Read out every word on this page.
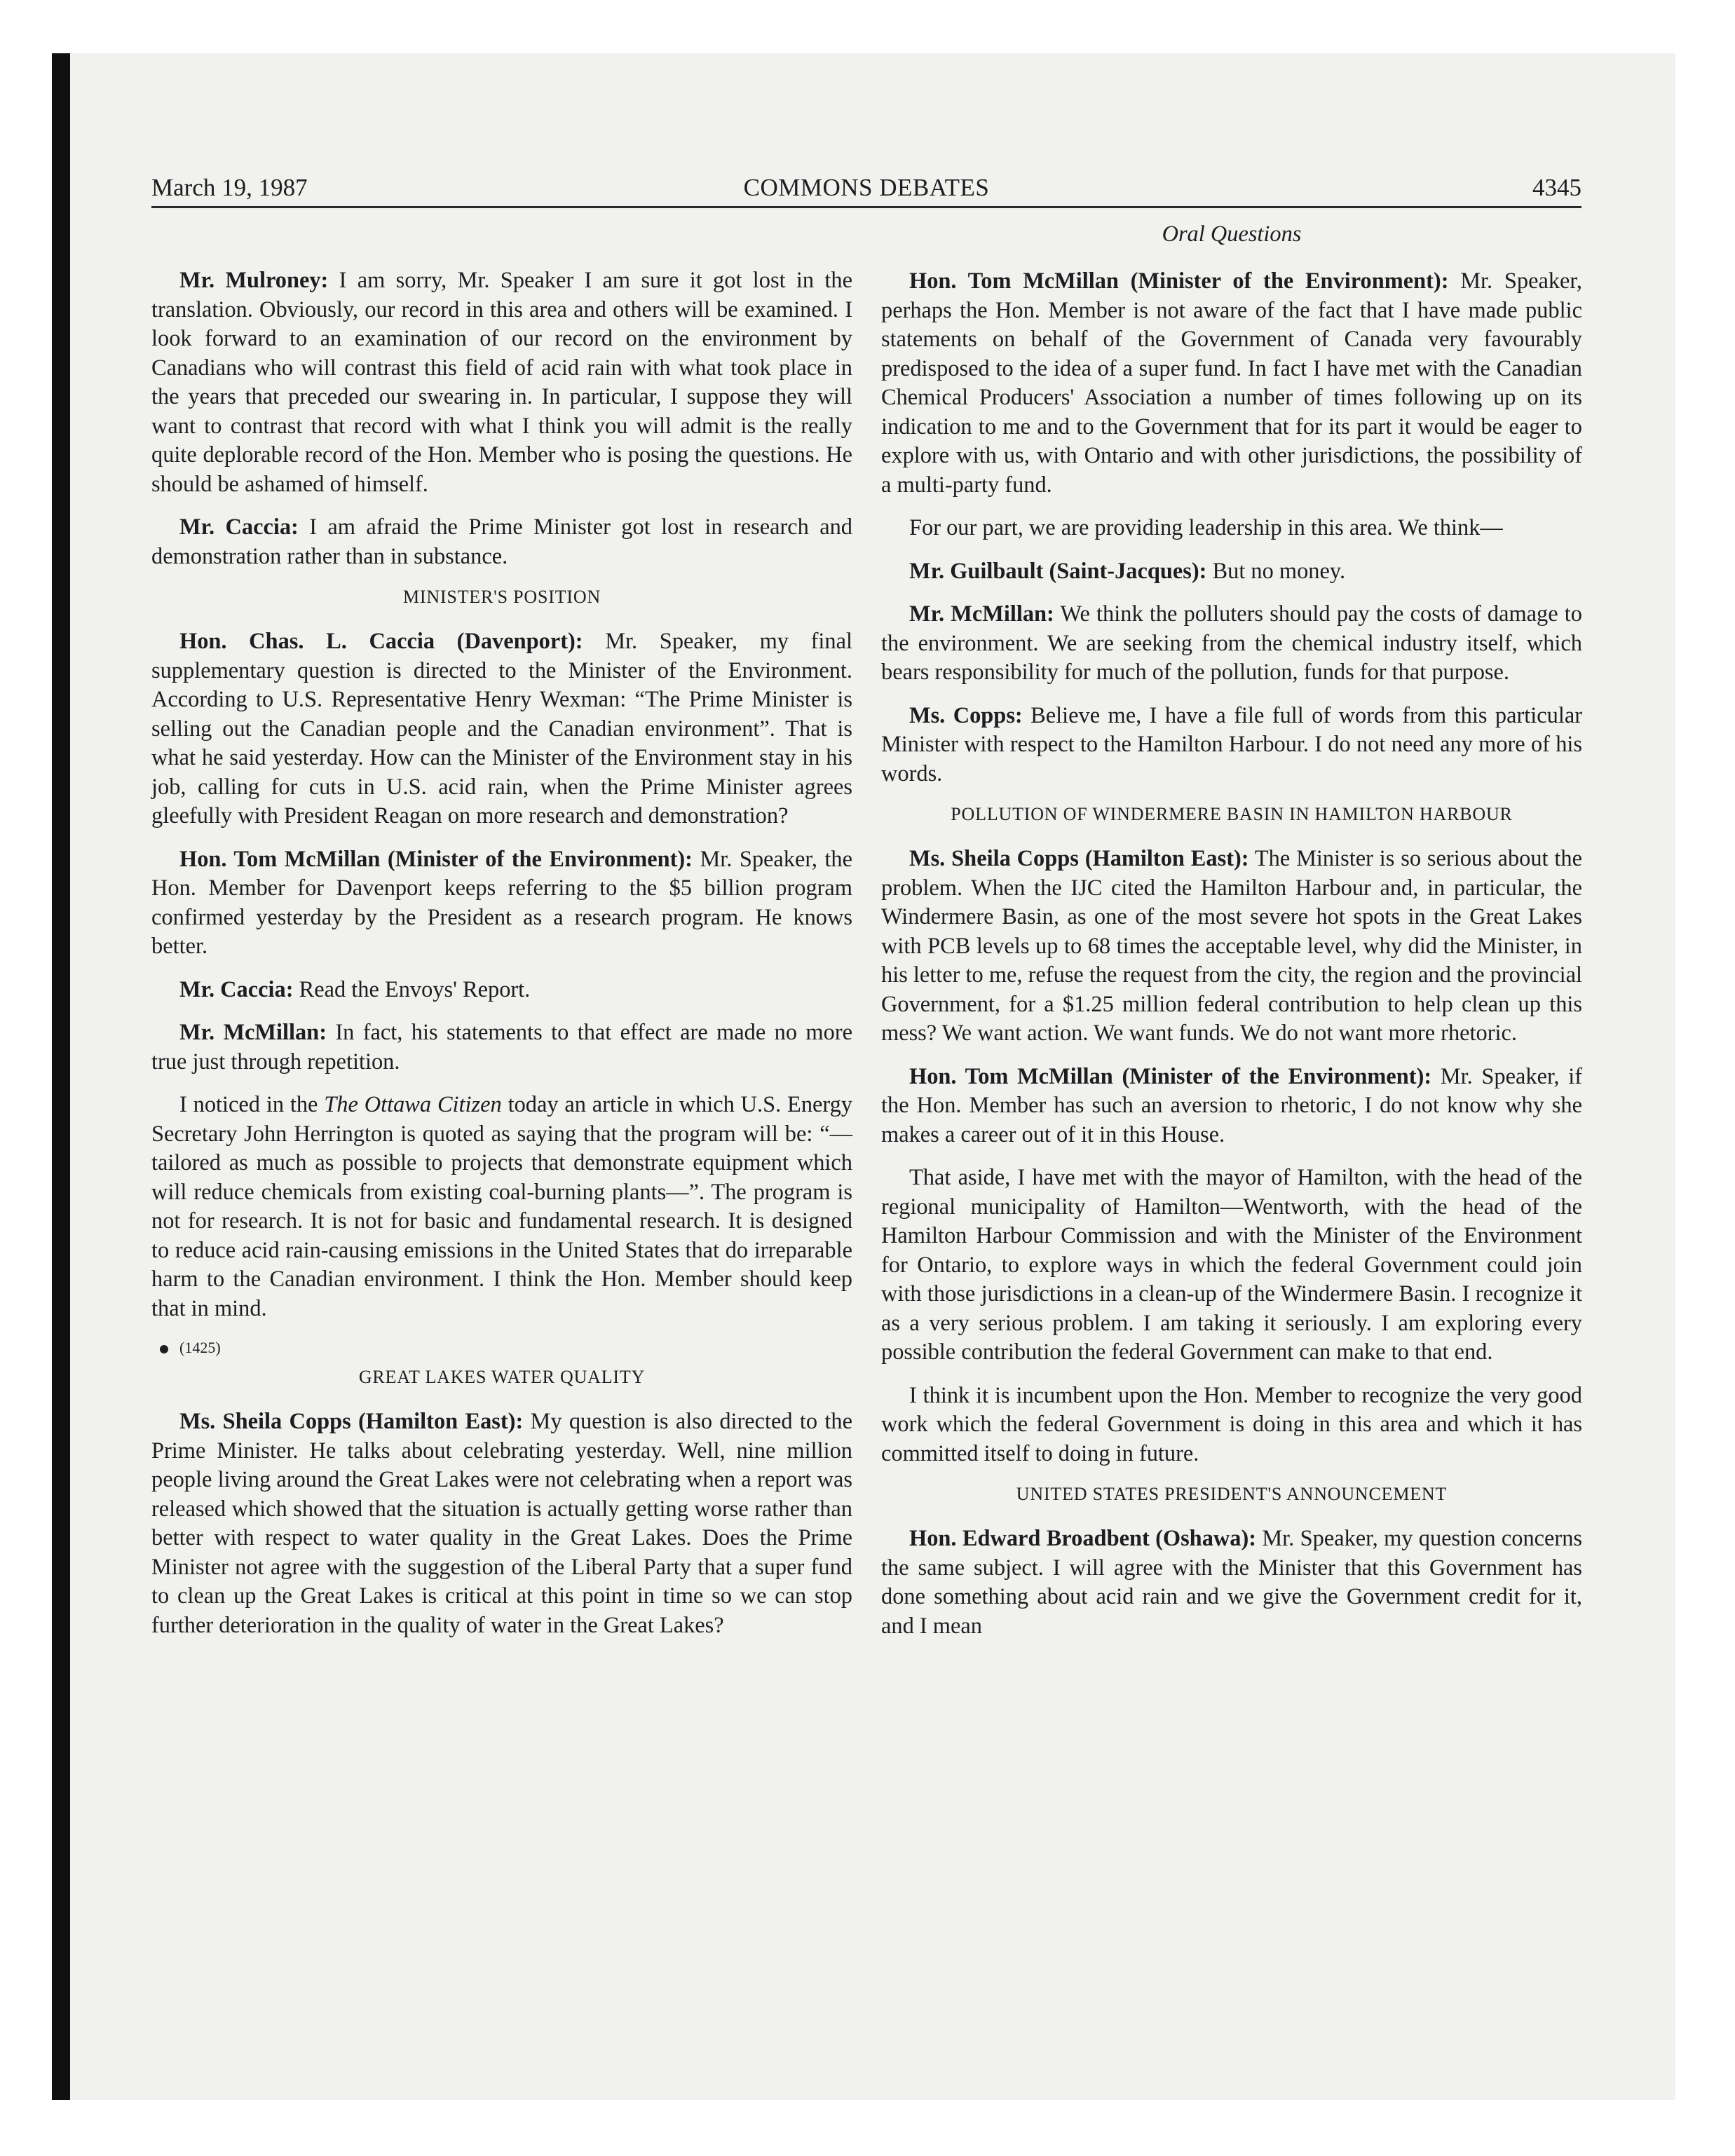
March 19, 1987	COMMONS DEBATES	4345

Mr. Mulroney: I am sorry, Mr. Speaker I am sure it got lost in the translation. Obviously, our record in this area and others will be examined. I look forward to an examination of our record on the environment by Canadians who will contrast this field of acid rain with what took place in the years that preceded our swearing in. In particular, I suppose they will want to contrast that record with what I think you will admit is the really quite deplorable record of the Hon. Member who is posing the questions. He should be ashamed of himself.

Mr. Caccia: I am afraid the Prime Minister got lost in research and demonstration rather than in substance.

MINISTER'S POSITION

Hon. Chas. L. Caccia (Davenport): Mr. Speaker, my final supplementary question is directed to the Minister of the Environment. According to U.S. Representative Henry Wexman: “The Prime Minister is selling out the Canadian people and the Canadian environment”. That is what he said yesterday. How can the Minister of the Environment stay in his job, calling for cuts in U.S. acid rain, when the Prime Minister agrees gleefully with President Reagan on more research and demonstration?

Hon. Tom McMillan (Minister of the Environment): Mr. Speaker, the Hon. Member for Davenport keeps referring to the $5 billion program confirmed yesterday by the President as a research program. He knows better.

Mr. Caccia: Read the Envoys' Report.

Mr. McMillan: In fact, his statements to that effect are made no more true just through repetition.

I noticed in the The Ottawa Citizen today an article in which U.S. Energy Secretary John Herrington is quoted as saying that the program will be: “—tailored as much as possible to projects that demonstrate equipment which will reduce chemicals from existing coal-burning plants—”. The program is not for research. It is not for basic and fundamental research. It is designed to reduce acid rain-causing emissions in the United States that do irreparable harm to the Canadian environment. I think the Hon. Member should keep that in mind.

(1425)
GREAT LAKES WATER QUALITY

Ms. Sheila Copps (Hamilton East): My question is also directed to the Prime Minister. He talks about celebrating yesterday. Well, nine million people living around the Great Lakes were not celebrating when a report was released which showed that the situation is actually getting worse rather than better with respect to water quality in the Great Lakes. Does the Prime Minister not agree with the suggestion of the Liberal Party that a super fund to clean up the Great Lakes is critical at this point in time so we can stop further deterioration in the quality of water in the Great Lakes?

Oral Questions

Hon. Tom McMillan (Minister of the Environment): Mr. Speaker, perhaps the Hon. Member is not aware of the fact that I have made public statements on behalf of the Government of Canada very favourably predisposed to the idea of a super fund. In fact I have met with the Canadian Chemical Producers' Association a number of times following up on its indication to me and to the Government that for its part it would be eager to explore with us, with Ontario and with other jurisdictions, the possibility of a multi-party fund.

For our part, we are providing leadership in this area. We think—

Mr. Guilbault (Saint-Jacques): But no money.

Mr. McMillan: We think the polluters should pay the costs of damage to the environment. We are seeking from the chemical industry itself, which bears responsibility for much of the pollution, funds for that purpose.

Ms. Copps: Believe me, I have a file full of words from this particular Minister with respect to the Hamilton Harbour. I do not need any more of his words.

POLLUTION OF WINDERMERE BASIN IN HAMILTON HARBOUR

Ms. Sheila Copps (Hamilton East): The Minister is so serious about the problem. When the IJC cited the Hamilton Harbour and, in particular, the Windermere Basin, as one of the most severe hot spots in the Great Lakes with PCB levels up to 68 times the acceptable level, why did the Minister, in his letter to me, refuse the request from the city, the region and the provincial Government, for a $1.25 million federal contribution to help clean up this mess? We want action. We want funds. We do not want more rhetoric.

Hon. Tom McMillan (Minister of the Environment): Mr. Speaker, if the Hon. Member has such an aversion to rhetoric, I do not know why she makes a career out of it in this House.

That aside, I have met with the mayor of Hamilton, with the head of the regional municipality of Hamilton—Wentworth, with the head of the Hamilton Harbour Commission and with the Minister of the Environment for Ontario, to explore ways in which the federal Government could join with those jurisdictions in a clean-up of the Windermere Basin. I recognize it as a very serious problem. I am taking it seriously. I am exploring every possible contribution the federal Government can make to that end.

I think it is incumbent upon the Hon. Member to recognize the very good work which the federal Government is doing in this area and which it has committed itself to doing in future.

UNITED STATES PRESIDENT'S ANNOUNCEMENT

Hon. Edward Broadbent (Oshawa): Mr. Speaker, my question concerns the same subject. I will agree with the Minister that this Government has done something about acid rain and we give the Government credit for it, and I mean
